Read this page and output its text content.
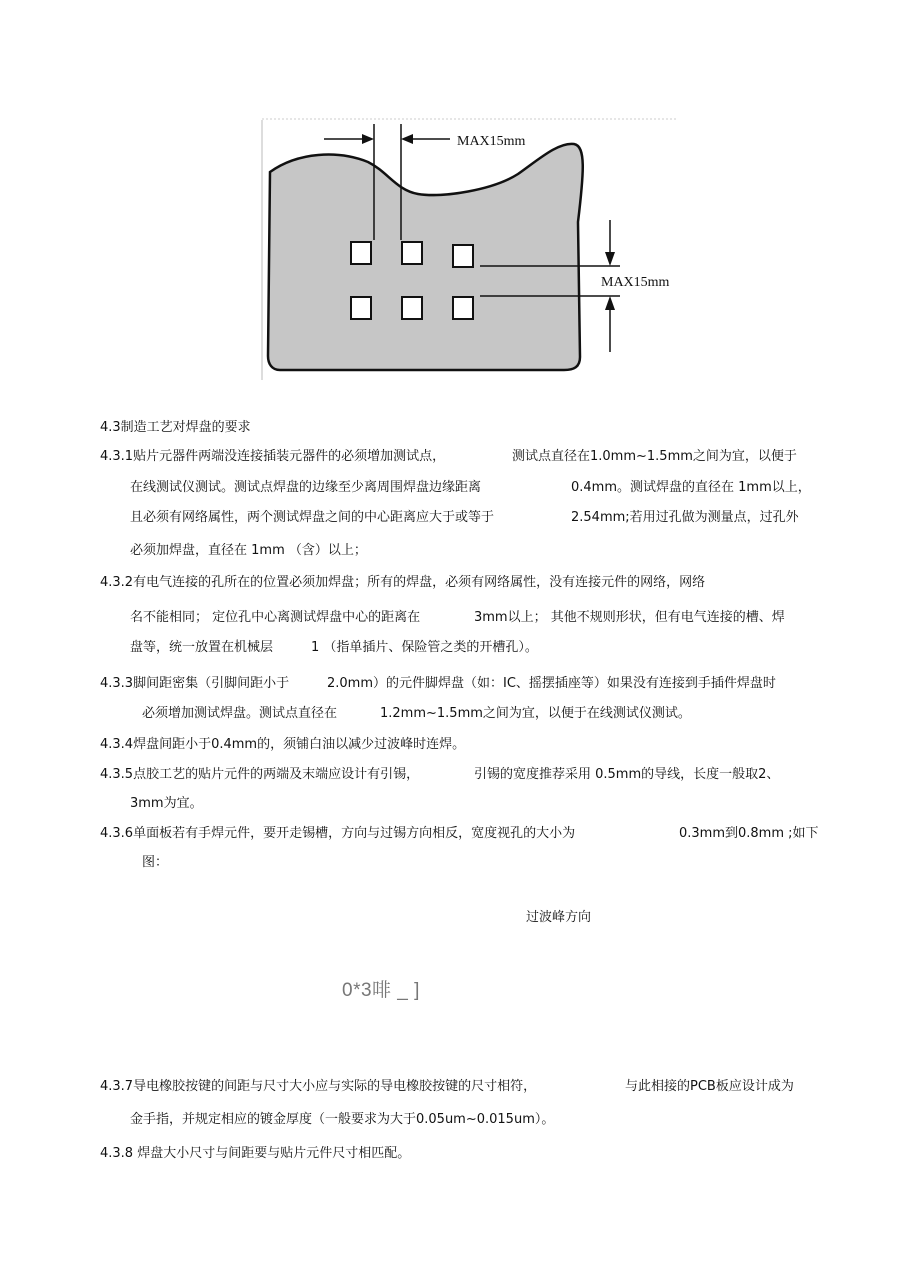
MAX15mm
MAX15mm
4.3制造工艺对焊盘的要求
4.3.1贴片元器件两端没连接插装元器件的必须增加测试点，	测试点直径在1.0mm~1.5mm之间为宜，以便于
在线测试仪测试。测试点焊盘的边缘至少离周围焊盘边缘距离	0.4mm。测试焊盘的直径在 1mm以上，
且必须有网络属性，两个测试焊盘之间的中心距离应大于或等于	2.54mm;若用过孔做为测量点，过孔外
必须加焊盘，直径在 1mm （含）以上；
4.3.2有电气连接的孔所在的位置必须加焊盘；所有的焊盘，必须有网络属性，没有连接元件的网络，网络
名不能相同； 定位孔中心离测试焊盘中心的距离在	3mm以上； 其他不规则形状，但有电气连接的槽、焊
盘等，统一放置在机械层	1 （指单插片、保险管之类的开槽孔）。
4.3.3脚间距密集（引脚间距小于	2.0mm）的元件脚焊盘（如：IC、摇摆插座等）如果没有连接到手插件焊盘时
必须增加测试焊盘。测试点直径在	1.2mm~1.5mm之间为宜，以便于在线测试仪测试。
4.3.4焊盘间距小于0.4mm的，须铺白油以减少过波峰时连焊。
4.3.5点胶工艺的贴片元件的两端及末端应设计有引锡，	引锡的宽度推荐采用 0.5mm的导线，长度一般取2、
3mm为宜。
4.3.6单面板若有手焊元件，要开走锡槽，方向与过锡方向相反，宽度视孔的大小为	0.3mm到0.8mm ;如下
图：
过波峰方向
0*3啡 _ ]
4.3.7导电橡胶按键的间距与尺寸大小应与实际的导电橡胶按键的尺寸相符，	与此相接的PCB板应设计成为
金手指，并规定相应的镀金厚度（一般要求为大于0.05um~0.015um）。
4.3.8 焊盘大小尺寸与间距要与贴片元件尺寸相匹配。
